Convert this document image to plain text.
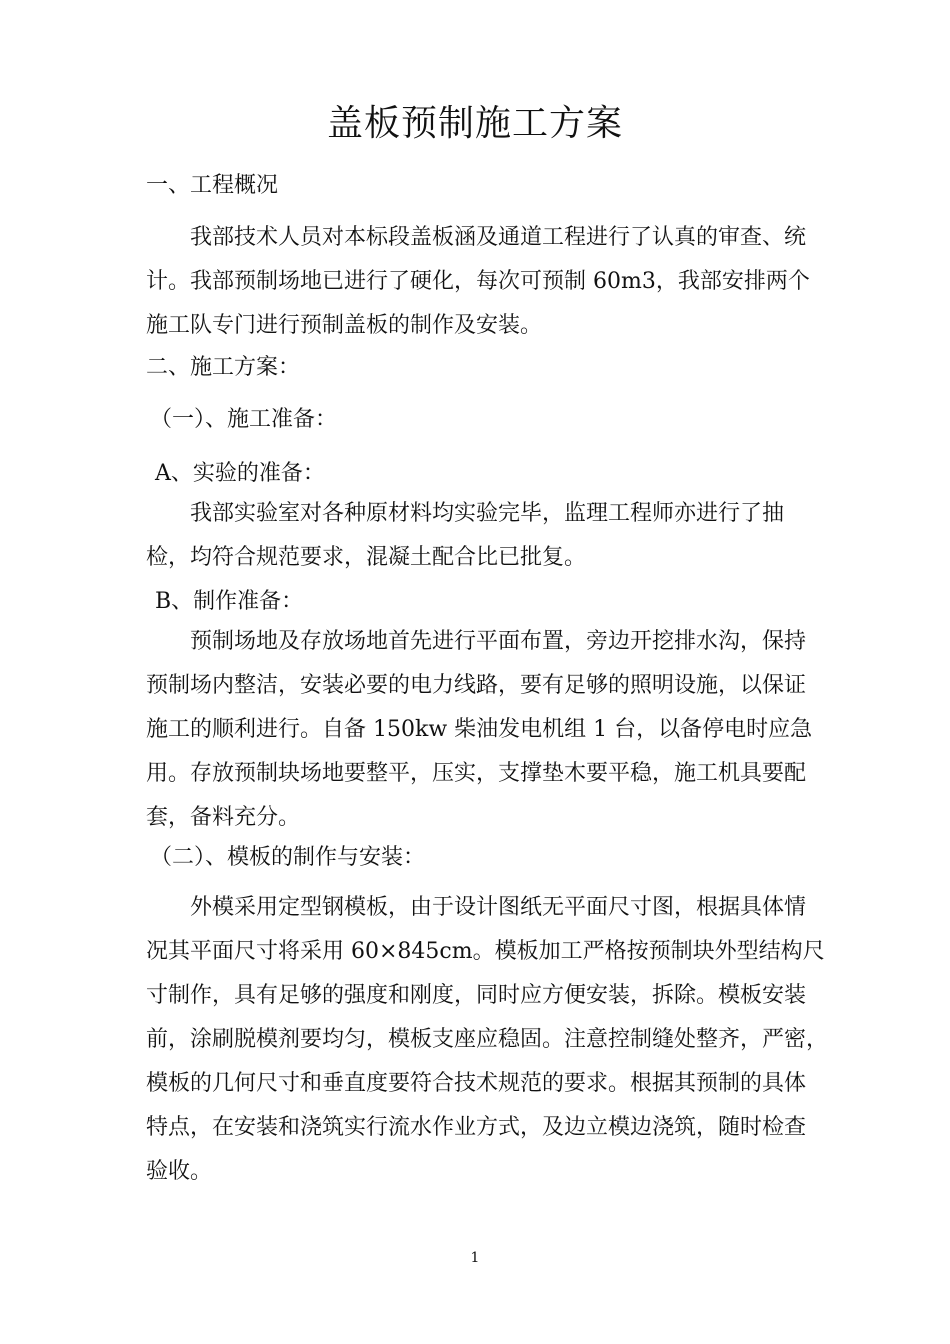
盖板预制施工方案
一、工程概况
我部技术人员对本标段盖板涵及通道工程进行了认真的审查、统
计。我部预制场地已进行了硬化，每次可预制 60m3，我部安排两个
施工队专门进行预制盖板的制作及安装。
二、施工方案：
（一）、施工准备：
A、实验的准备：
我部实验室对各种原材料均实验完毕，监理工程师亦进行了抽
检，均符合规范要求，混凝土配合比已批复。
B、制作准备：
预制场地及存放场地首先进行平面布置，旁边开挖排水沟，保持
预制场内整洁，安装必要的电力线路，要有足够的照明设施，以保证
施工的顺利进行。自备 150kw 柴油发电机组 1 台，以备停电时应急
用。存放预制块场地要整平，压实，支撑垫木要平稳，施工机具要配
套，备料充分。
（二）、模板的制作与安装：
外模采用定型钢模板，由于设计图纸无平面尺寸图，根据具体情
况其平面尺寸将采用 60×845cm。模板加工严格按预制块外型结构尺
寸制作，具有足够的强度和刚度，同时应方便安装，拆除。模板安装
前，涂刷脱模剂要均匀，模板支座应稳固。注意控制缝处整齐，严密，
模板的几何尺寸和垂直度要符合技术规范的要求。根据其预制的具体
特点，在安装和浇筑实行流水作业方式，及边立模边浇筑，随时检查
验收。
1
